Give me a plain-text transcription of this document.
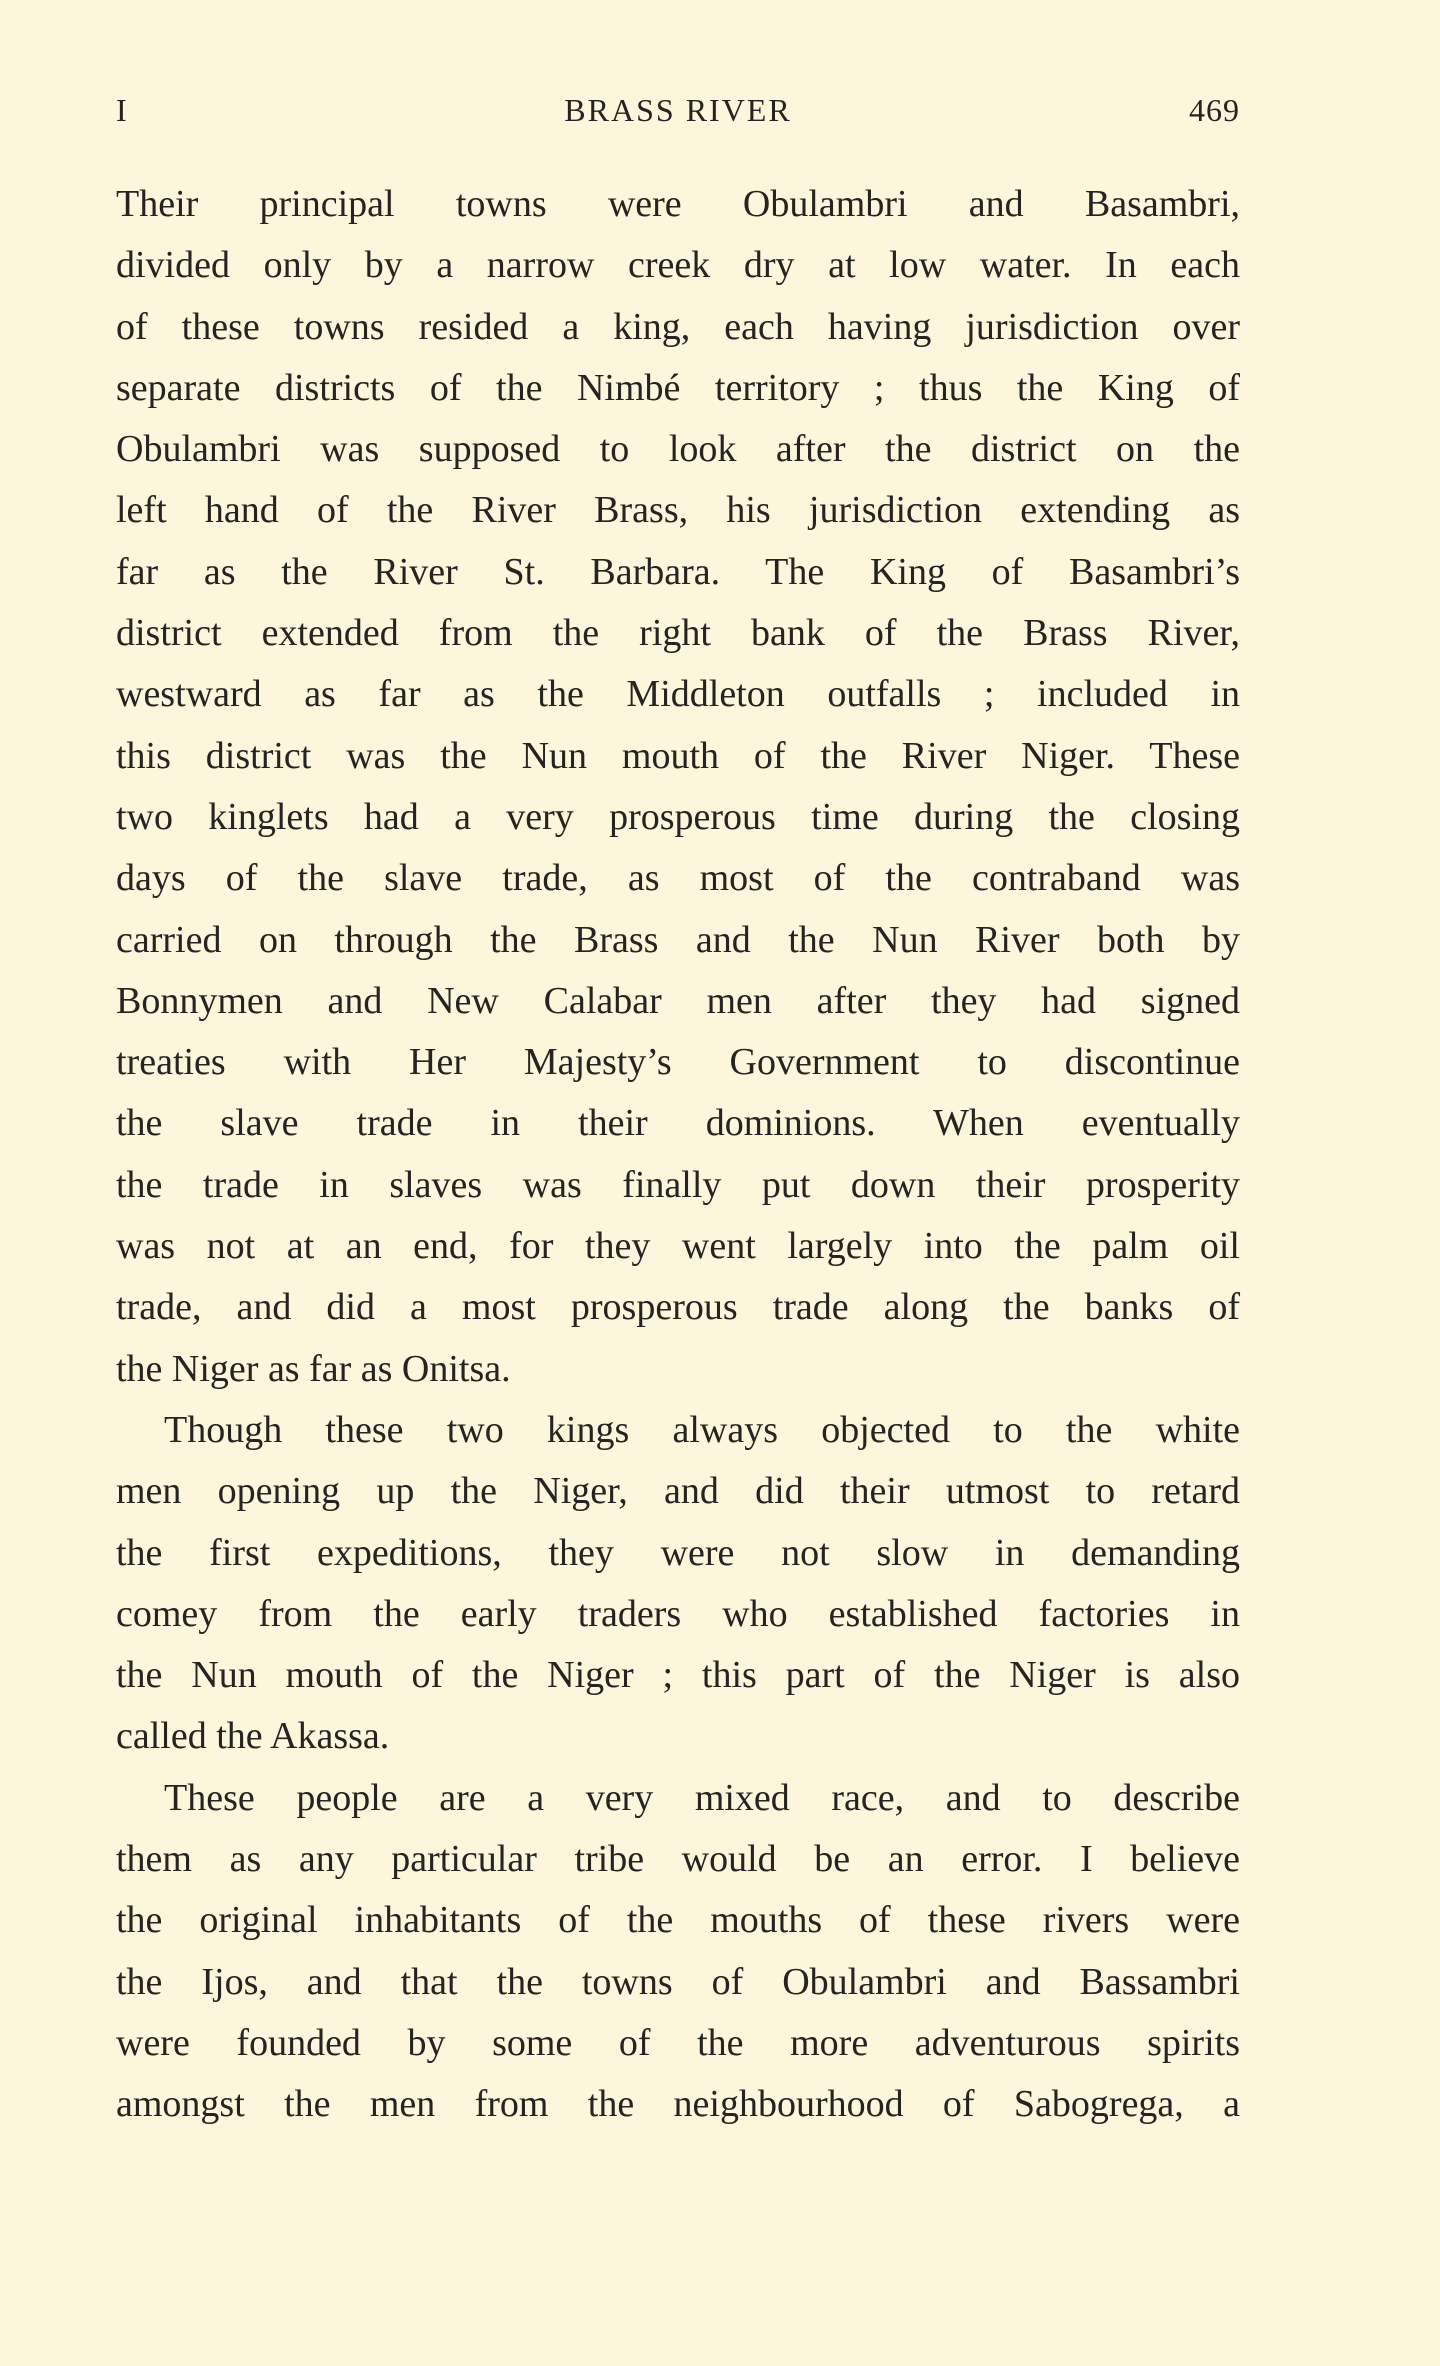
I	BRASS RIVER	469
Their principal towns were Obulambri and Basambri,
divided only by a narrow creek dry at low water. In each
of these towns resided a king, each having jurisdiction over
separate districts of the Nimbé territory ; thus the King of
Obulambri was supposed to look after the district on the
left hand of the River Brass, his jurisdiction extending as
far as the River St. Barbara. The King of Basambri’s
district extended from the right bank of the Brass River,
westward as far as the Middleton outfalls ; included in
this district was the Nun mouth of the River Niger. These
two kinglets had a very prosperous time during the closing
days of the slave trade, as most of the contraband was
carried on through the Brass and the Nun River both by
Bonnymen and New Calabar men after they had signed
treaties with Her Majesty’s Government to discontinue
the slave trade in their dominions. When eventually
the trade in slaves was finally put down their prosperity
was not at an end, for they went largely into the palm oil
trade, and did a most prosperous trade along the banks of
the Niger as far as Onitsa.
Though these two kings always objected to the white
men opening up the Niger, and did their utmost to retard
the first expeditions, they were not slow in demanding
comey from the early traders who established factories in
the Nun mouth of the Niger ; this part of the Niger is also
called the Akassa.
These people are a very mixed race, and to describe
them as any particular tribe would be an error. I believe
the original inhabitants of the mouths of these rivers were
the Ijos, and that the towns of Obulambri and Bassambri
were founded by some of the more adventurous spirits
amongst the men from the neighbourhood of Sabogrega, a
